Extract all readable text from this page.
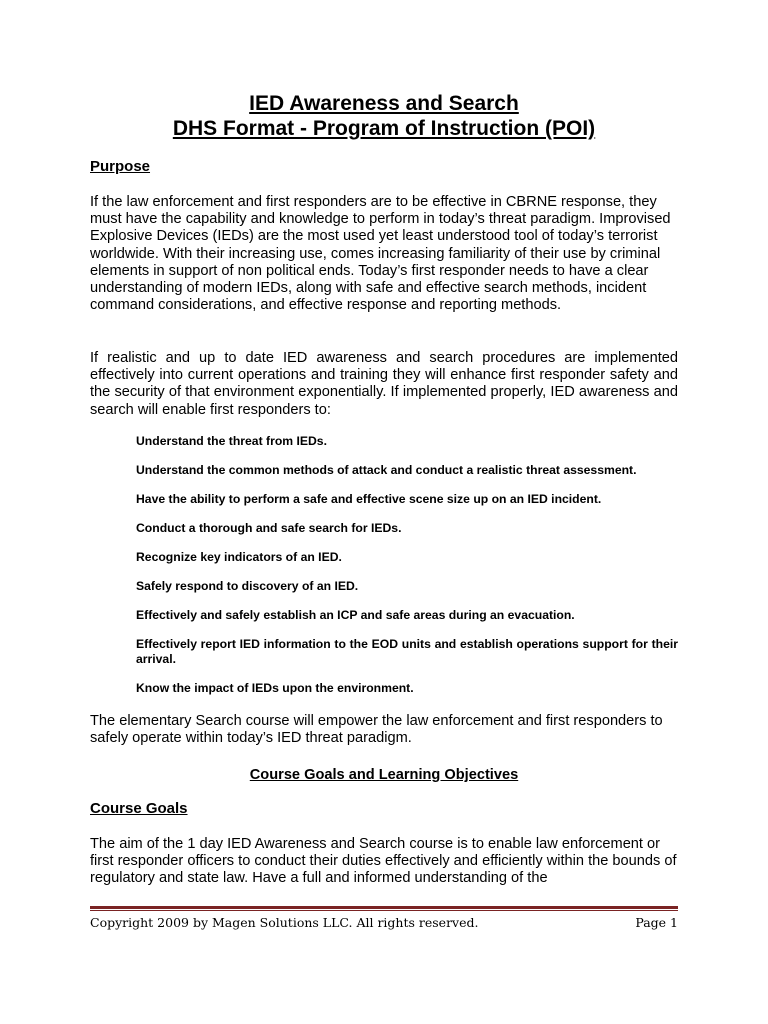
IED Awareness and Search
DHS Format - Program of Instruction (POI)
Purpose
If the law enforcement and first responders are to be effective in CBRNE response, they must have the capability and knowledge to perform in today’s threat paradigm. Improvised Explosive Devices (IEDs) are the most used yet least understood tool of today’s terrorist worldwide. With their increasing use, comes increasing familiarity of their use by criminal elements in support of non political ends. Today’s first responder needs to have a clear understanding of modern IEDs, along with safe and effective search methods, incident command considerations, and effective response and reporting methods.
If realistic and up to date IED awareness and search procedures are implemented effectively into current operations and training they will enhance first responder safety and the security of that environment exponentially. If implemented properly, IED awareness and search will enable first responders to:
Understand the threat from IEDs.
Understand the common methods of attack and conduct a realistic threat assessment.
Have the ability to perform a safe and effective scene size up on an IED incident.
Conduct a thorough and safe search for IEDs.
Recognize key indicators of an IED.
Safely respond to discovery of an IED.
Effectively and safely establish an ICP and safe areas during an evacuation.
Effectively report IED information to the EOD units and establish operations support for their arrival.
Know the impact of IEDs upon the environment.
The elementary Search course will empower the law enforcement and first responders to safely operate within today’s IED threat paradigm.
Course Goals and Learning Objectives
Course Goals
The aim of the 1 day IED Awareness and Search course is to enable law enforcement or first responder officers to conduct their duties effectively and efficiently within the bounds of regulatory and state law. Have a full and informed understanding of the
Copyright 2009 by Magen Solutions LLC. All rights reserved.	Page 1
